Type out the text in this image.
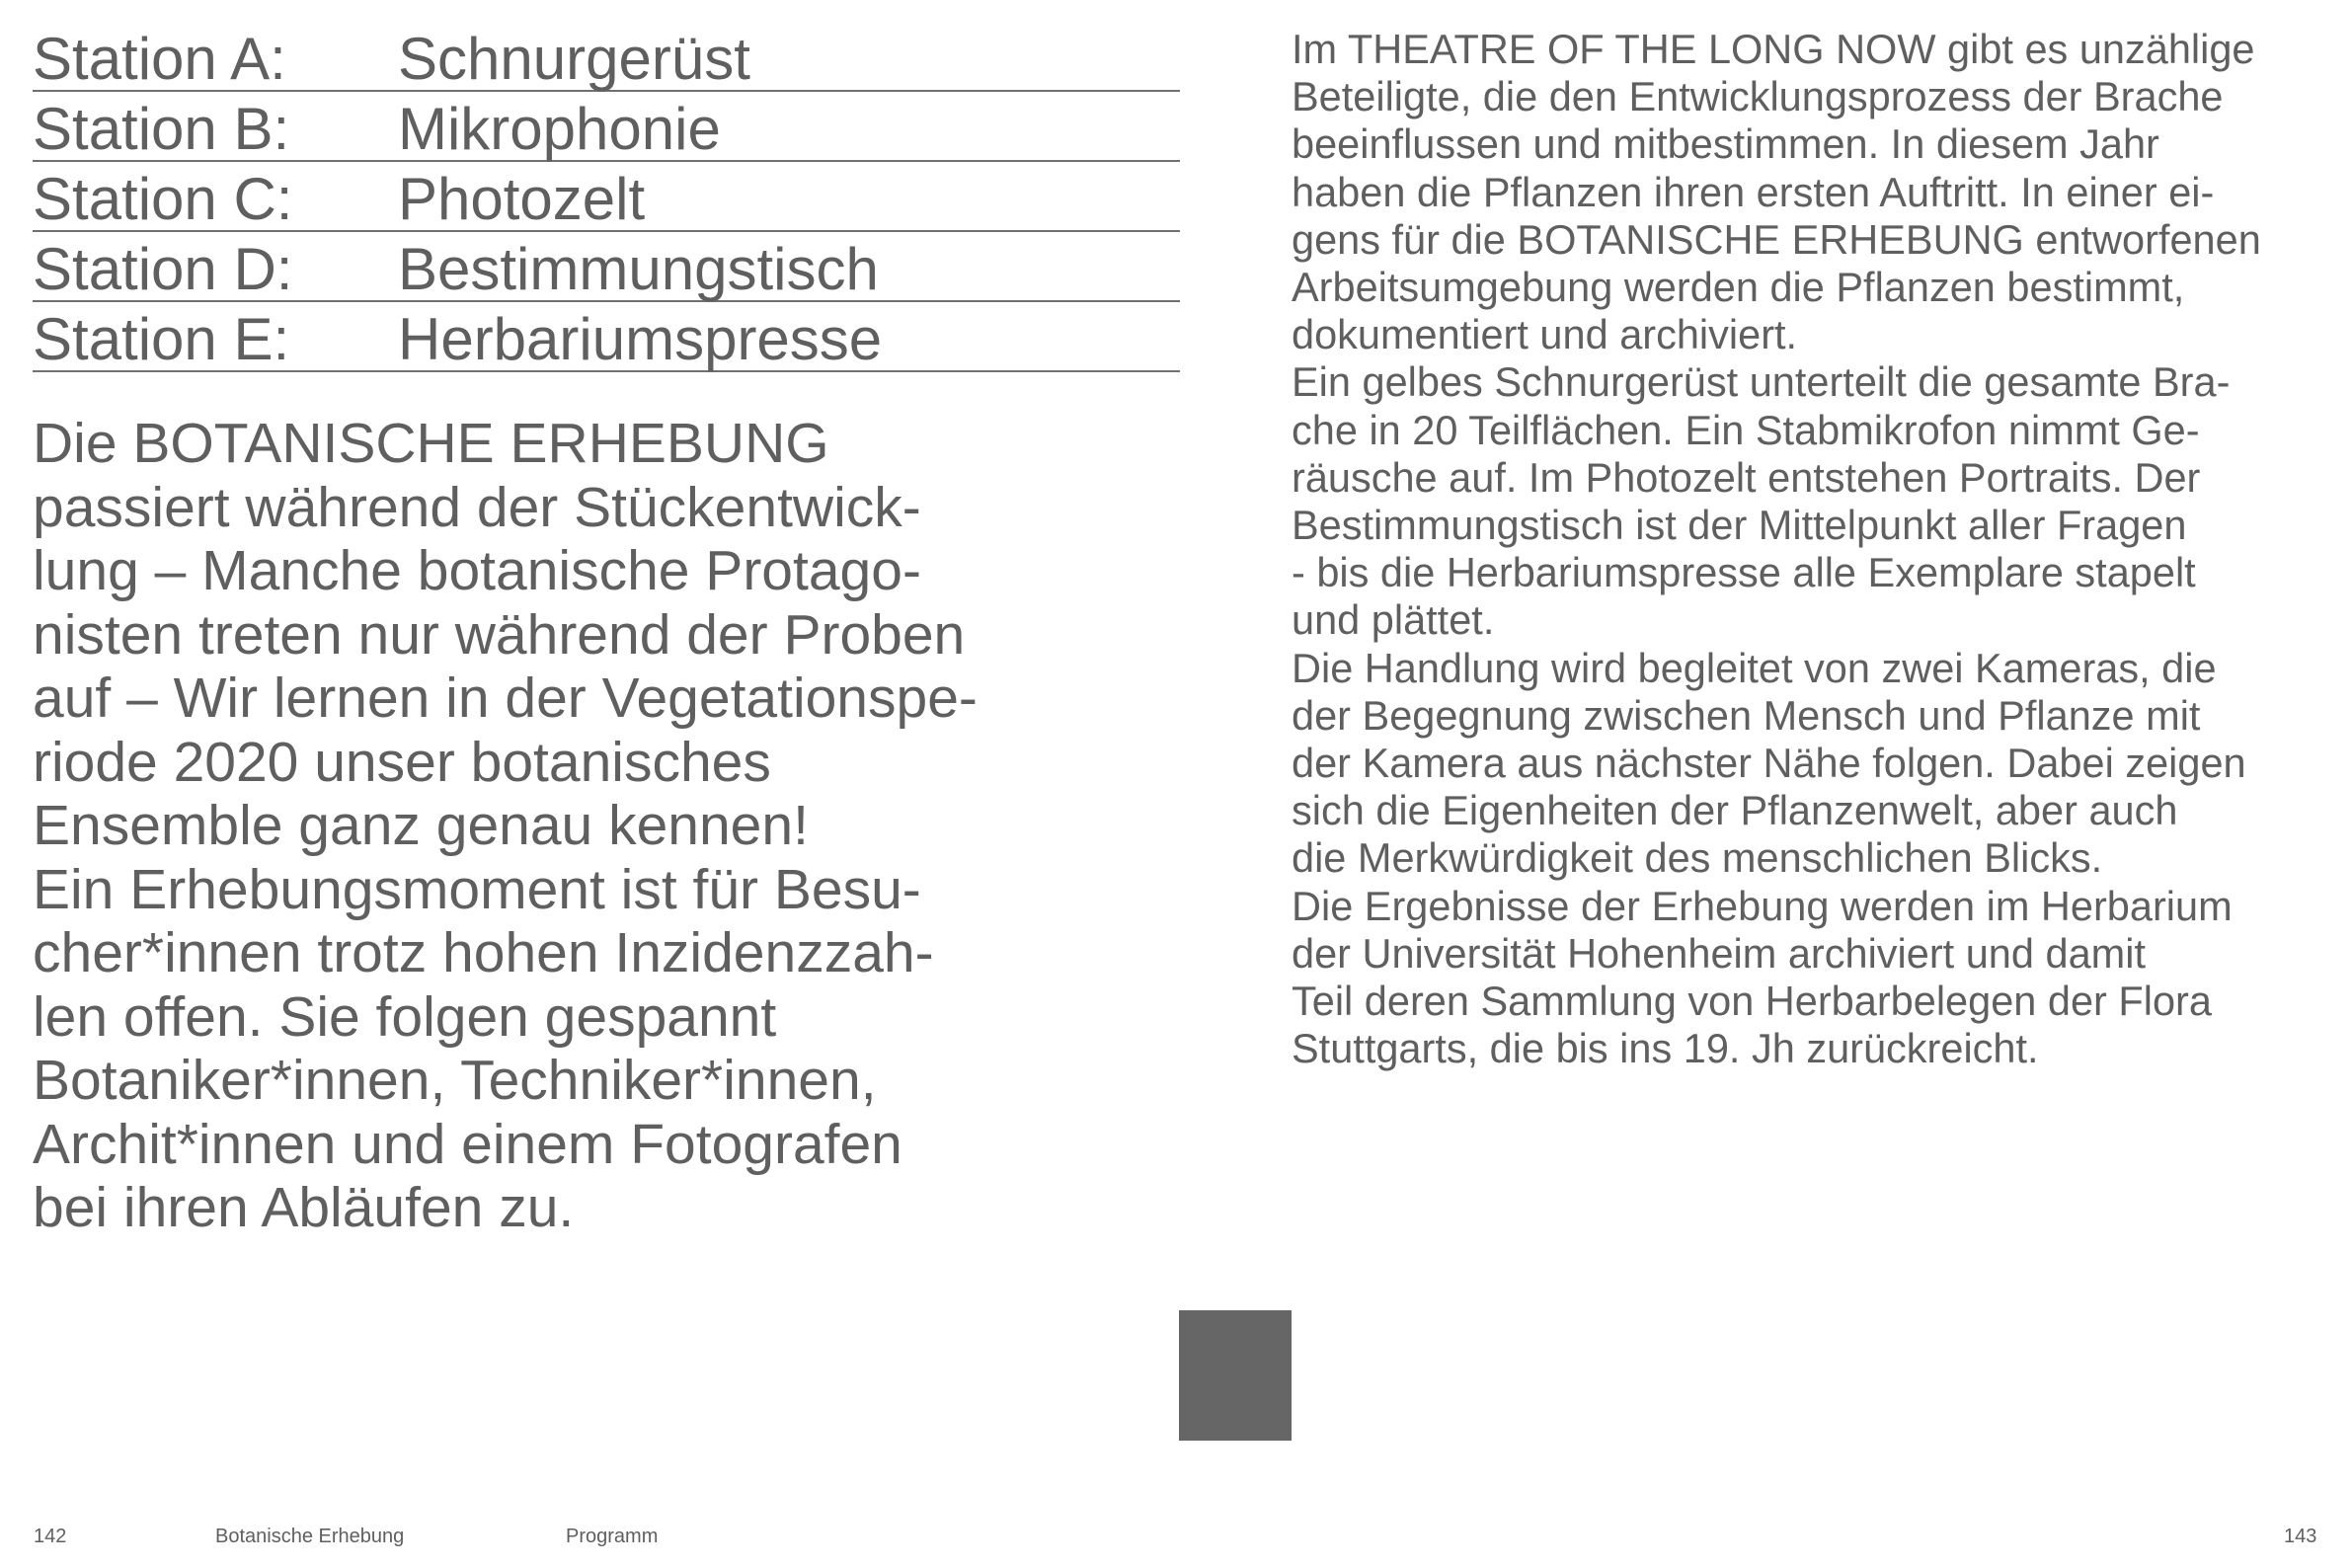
Station A: Schnurgerüst
Station B: Mikrophonie
Station C: Photozelt
Station D: Bestimmungstisch
Station E: Herbariumspresse
Die BOTANISCHE ERHEBUNG
passiert während der Stückentwick-
lung – Manche botanische Protago-
nisten treten nur während der Proben
auf – Wir lernen in der Vegetationspe-
riode 2020 unser botanisches
Ensemble ganz genau kennen!
Ein Erhebungsmoment ist für Besu-
cher*innen trotz hohen Inzidenzzah-
len offen. Sie folgen gespannt
Botaniker*innen, Techniker*innen,
Archit*innen und einem Fotografen
bei ihren Abläufen zu.
Im THEATRE OF THE LONG NOW gibt es unzählige
Beteiligte, die den Entwicklungsprozess der Brache
beeinflussen und mitbestimmen. In diesem Jahr
haben die Pflanzen ihren ersten Auftritt. In einer ei-
gens für die BOTANISCHE ERHEBUNG entworfenen
Arbeitsumgebung werden die Pflanzen bestimmt,
dokumentiert und archiviert.
Ein gelbes Schnurgerüst unterteilt die gesamte Bra-
che in 20 Teilflächen. Ein Stabmikrofon nimmt Ge-
räusche auf. Im Photozelt entstehen Portraits. Der
Bestimmungstisch ist der Mittelpunkt aller Fragen
- bis die Herbariumspresse alle Exemplare stapelt
und plättet.
Die Handlung wird begleitet von zwei Kameras, die
der Begegnung zwischen Mensch und Pflanze mit
der Kamera aus nächster Nähe folgen. Dabei zeigen
sich die Eigenheiten der Pflanzenwelt, aber auch
die Merkwürdigkeit des menschlichen Blicks.
Die Ergebnisse der Erhebung werden im Herbarium
der Universität Hohenheim archiviert und damit
Teil deren Sammlung von Herbarbelegen der Flora
Stuttgarts, die bis ins 19. Jh zurückreicht.
142	Botanische Erhebung	Programm	143
